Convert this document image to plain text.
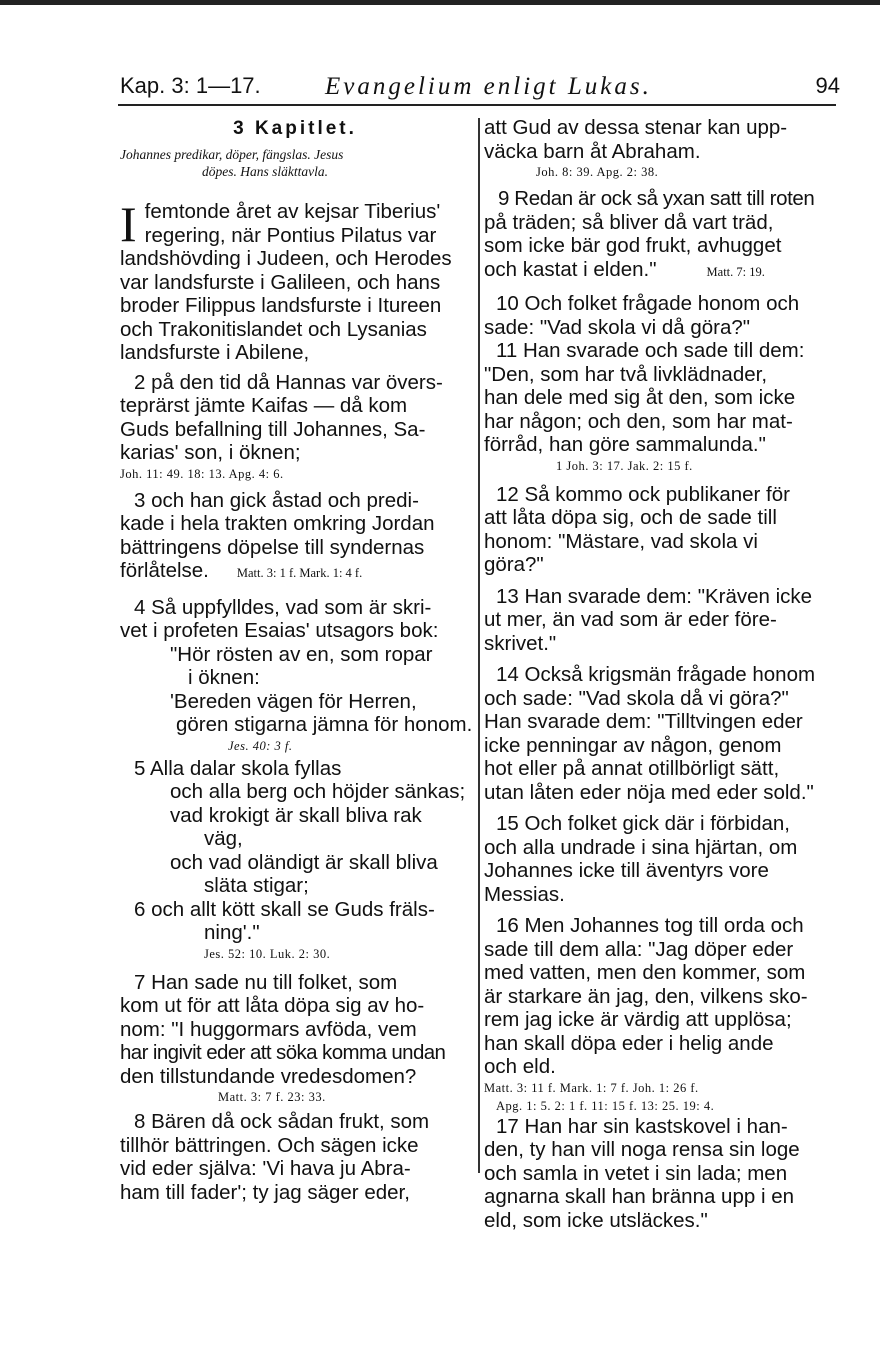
Kap. 3: 1—17.	Evangelium enligt Lukas.	94
3 Kapitlet.
Johannes predikar, döper, fängslas. Jesus
döpes. Hans släkttavla.
I femtonde året av kejsar Tiberius'
regering, när Pontius Pilatus var
landshövding i Judeen, och Herodes
var landsfurste i Galileen, och hans
broder Filippus landsfurste i Itureen
och Trakonitislandet och Lysanias
landsfurste i Abilene,
2 på den tid då Hannas var övers-
teprärst jämte Kaifas — då kom
Guds befallning till Johannes, Sa-
karias' son, i öknen;
Joh. 11: 49. 18: 13. Apg. 4: 6.
3 och han gick åstad och predi-
kade i hela trakten omkring Jordan
bättringens döpelse till syndernas
förlåtelse. Matt. 3: 1 f. Mark. 1: 4 f.
4 Så uppfylldes, vad som är skri-
vet i profeten Esaias' utsagors bok:
"Hör rösten av en, som ropar
i öknen:
'Bereden vägen för Herren,
gören stigarna jämna för honom.
Jes. 40: 3 f.
5 Alla dalar skola fyllas
och alla berg och höjder sänkas;
vad krokigt är skall bliva rak
väg,
och vad oländigt är skall bliva
släta stigar;
6 och allt kött skall se Guds fräls-
ning'."
Jes. 52: 10. Luk. 2: 30.
7 Han sade nu till folket, som
kom ut för att låta döpa sig av ho-
nom: "I huggormars avföda, vem
har ingivit eder att söka komma undan
den tillstundande vredesdomen?
Matt. 3: 7 f. 23: 33.
8 Bären då ock sådan frukt, som
tillhör bättringen. Och sägen icke
vid eder själva: 'Vi hava ju Abra-
ham till fader'; ty jag säger eder,
att Gud av dessa stenar kan upp-
väcka barn åt Abraham.
Joh. 8: 39. Apg. 2: 38.
9 Redan är ock så yxan satt till roten
på träden; så bliver då vart träd,
som icke bär god frukt, avhugget
och kastat i elden."	Matt. 7: 19.
10 Och folket frågade honom och
sade: "Vad skola vi då göra?"
11 Han svarade och sade till dem:
"Den, som har två livklädnader,
han dele med sig åt den, som icke
har någon; och den, som har mat-
förråd, han göre sammalunda."
1 Joh. 3: 17. Jak. 2: 15 f.
12 Så kommo ock publikaner för
att låta döpa sig, och de sade till
honom: "Mästare, vad skola vi
göra?"
13 Han svarade dem: "Kräven icke
ut mer, än vad som är eder före-
skrivet."
14 Också krigsmän frågade honom
och sade: "Vad skola då vi göra?"
Han svarade dem: "Tilltvingen eder
icke penningar av någon, genom
hot eller på annat otillbörligt sätt,
utan låten eder nöja med eder sold."
15 Och folket gick där i förbidan,
och alla undrade i sina hjärtan, om
Johannes icke till äventyrs vore
Messias.
16 Men Johannes tog till orda och
sade till dem alla: "Jag döper eder
med vatten, men den kommer, som
är starkare än jag, den, vilkens sko-
rem jag icke är värdig att upplösa;
han skall döpa eder i helig ande
och eld.
Matt. 3: 11 f. Mark. 1: 7 f. Joh. 1: 26 f.
Apg. 1: 5. 2: 1 f. 11: 15 f. 13: 25. 19: 4.
17 Han har sin kastskovel i han-
den, ty han vill noga rensa sin loge
och samla in vetet i sin lada; men
agnarna skall han bränna upp i en
eld, som icke utsläckes."
